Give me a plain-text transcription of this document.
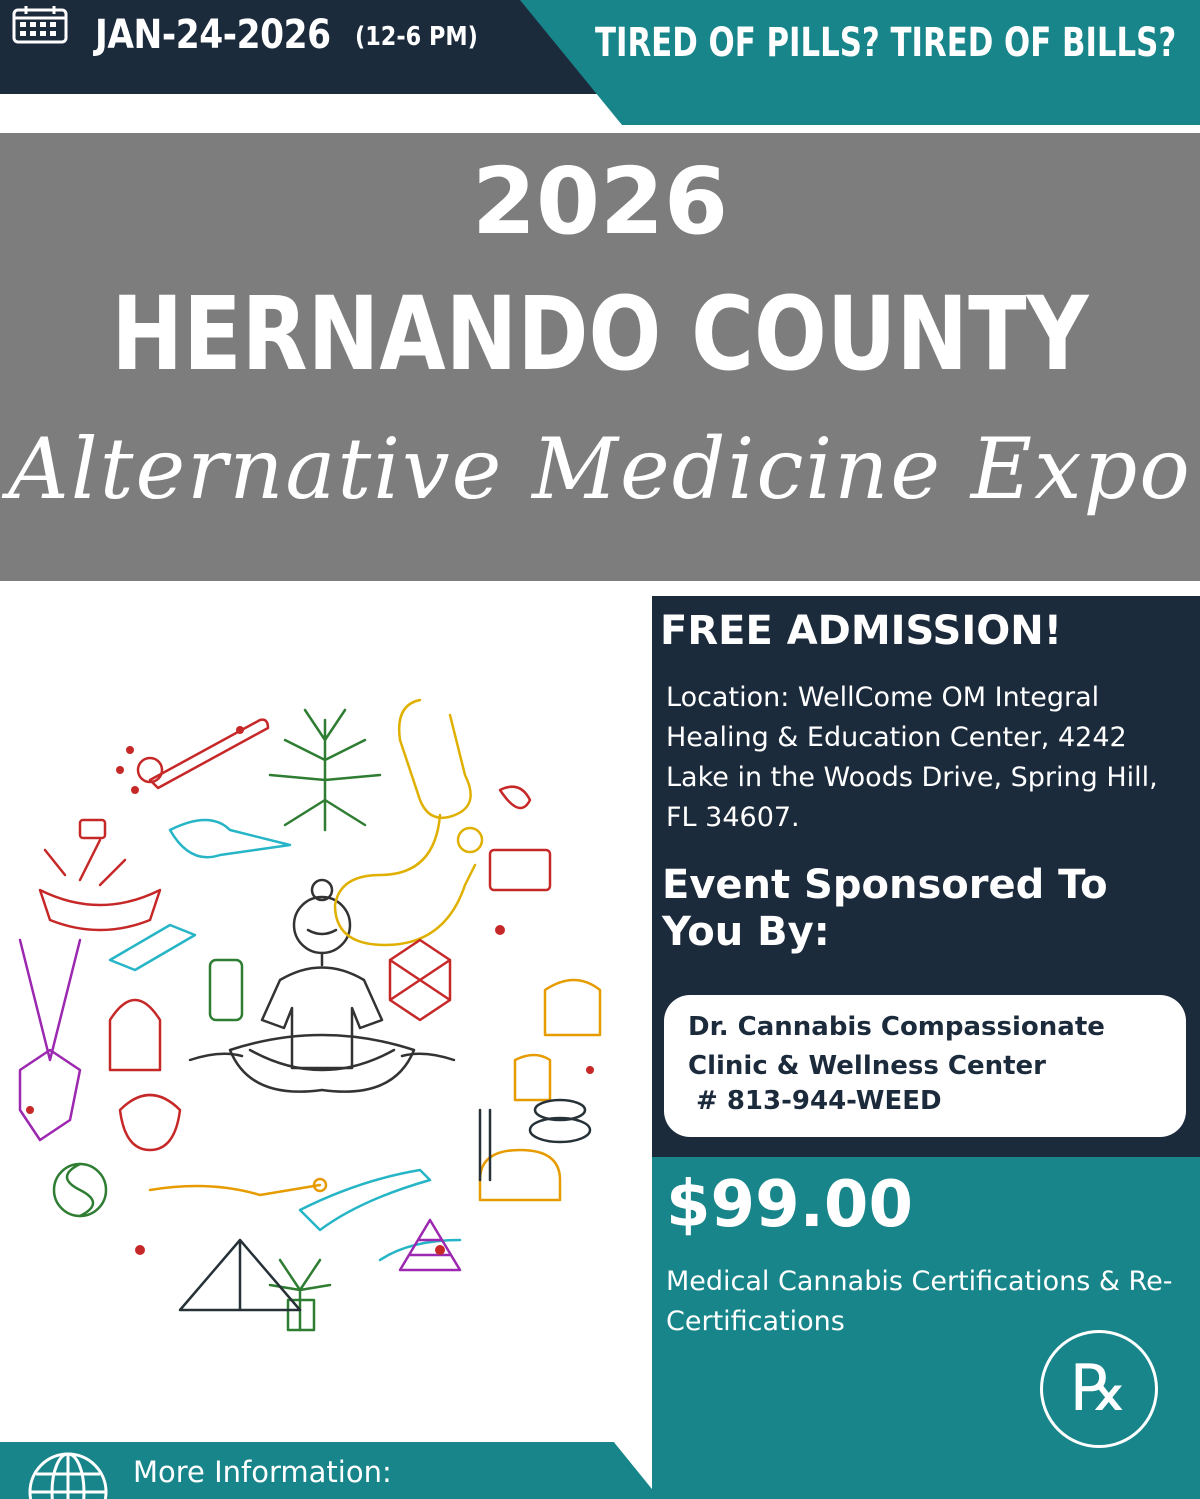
JAN-24-2026 (12-6 PM)	TIRED OF PILLS? TIRED OF BILLS?
2026
HERNANDO COUNTY
Alternative Medicine Expo
FREE ADMISSION!
Location: WellCome OM Integral Healing & Education Center, 4242 Lake in the Woods Drive, Spring Hill, FL 34607.
Event Sponsored To You By:
Dr. Cannabis Compassionate Clinic & Wellness Center
# 813-944-WEED
$99.00
Medical Cannabis Certifications & Re-Certifications
℞
More Information:
